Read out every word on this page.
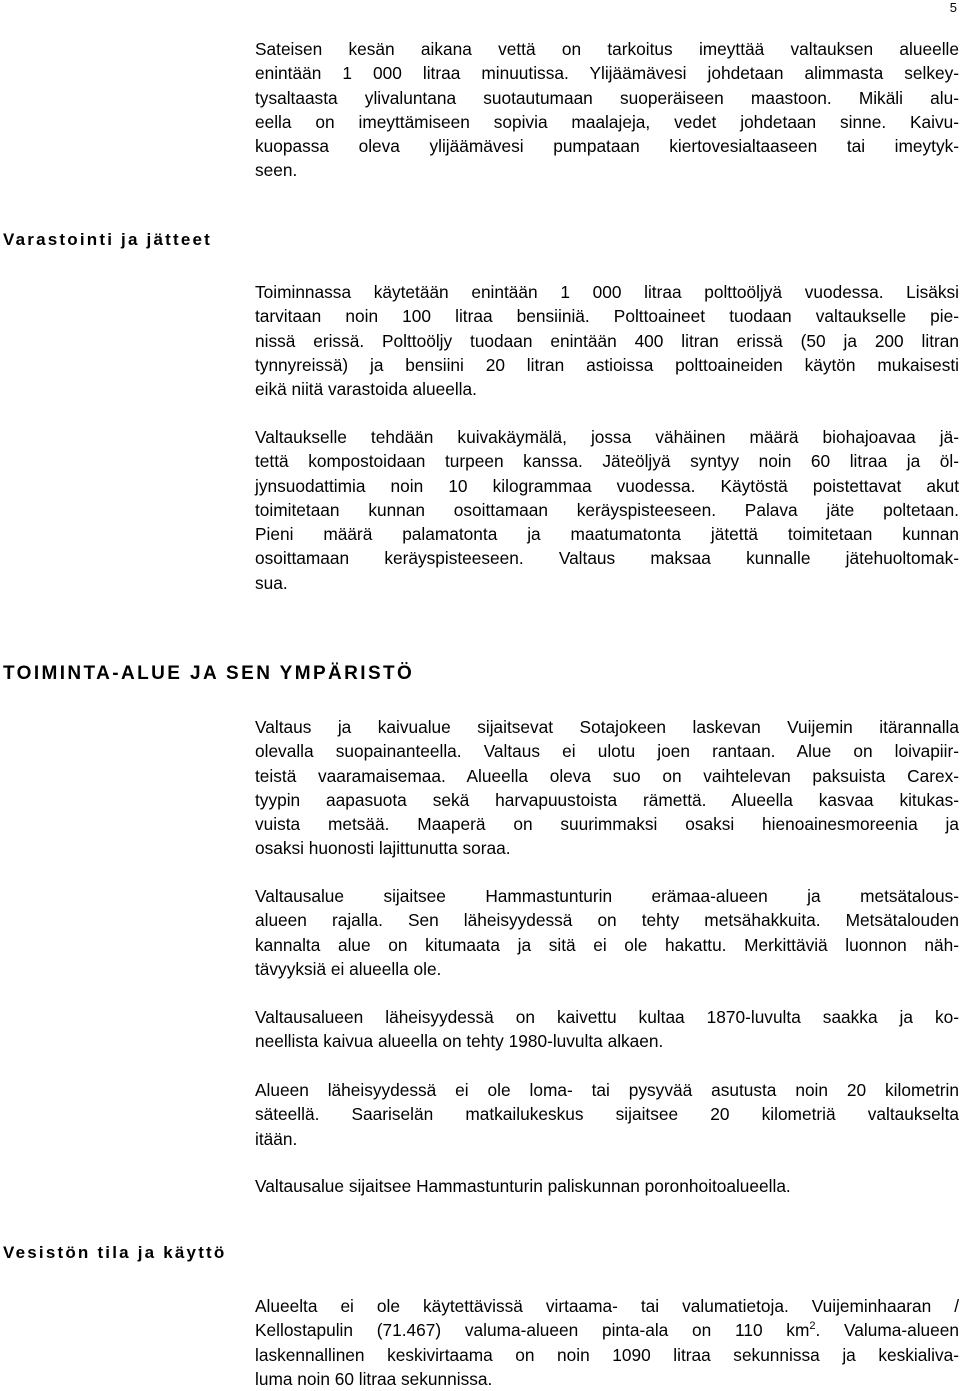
5

Sateisen kesän aikana vettä on tarkoitus imeyttää valtauksen alueelle
enintään 1 000 litraa minuutissa. Ylijäämävesi johdetaan alimmasta selkey-
tysaltaasta ylivaluntana suotautumaan suoperäiseen maastoon. Mikäli alu-
eella on imeyttämiseen sopivia maalajeja, vedet johdetaan sinne. Kaivu-
kuopassa oleva ylijäämävesi pumpataan kiertovesialtaaseen tai imeytyk-
seen.

Varastointi ja jätteet

Toiminnassa käytetään enintään 1 000 litraa polttoöljyä vuodessa. Lisäksi
tarvitaan noin 100 litraa bensiiniä. Polttoaineet tuodaan valtaukselle pie-
nissä erissä. Polttoöljy tuodaan enintään 400 litran erissä (50 ja 200 litran
tynnyreissä) ja bensiini 20 litran astioissa polttoaineiden käytön mukaisesti
eikä niitä varastoida alueella.

Valtaukselle tehdään kuivakäymälä, jossa vähäinen määrä biohajoavaa jä-
tettä kompostoidaan turpeen kanssa. Jäteöljyä syntyy noin 60 litraa ja öl-
jynsuodattimia noin 10 kilogrammaa vuodessa. Käytöstä poistettavat akut
toimitetaan kunnan osoittamaan keräyspisteeseen. Palava jäte poltetaan.
Pieni määrä palamatonta ja maatumatonta jätettä toimitetaan kunnan
osoittamaan keräyspisteeseen. Valtaus maksaa kunnalle jätehuoltomak-
sua.

TOIMINTA-ALUE JA SEN YMPÄRISTÖ

Valtaus ja kaivualue sijaitsevat Sotajokeen laskevan Vuijemin itärannalla
olevalla suopainanteella. Valtaus ei ulotu joen rantaan. Alue on loivapiir-
teistä vaaramaisemaa. Alueella oleva suo on vaihtelevan paksuista Carex-
tyypin aapasuota sekä harvapuustoista rämettä. Alueella kasvaa kitukas-
vuista metsää. Maaperä on suurimmaksi osaksi hienoainesmoreenia ja
osaksi huonosti lajittunutta soraa.

Valtausalue sijaitsee Hammastunturin erämaa-alueen ja metsätalous-
alueen rajalla. Sen läheisyydessä on tehty metsähakkuita. Metsätalouden
kannalta alue on kitumaata ja sitä ei ole hakattu. Merkittäviä luonnon näh-
tävyyksiä ei alueella ole.

Valtausalueen läheisyydessä on kaivettu kultaa 1870-luvulta saakka ja ko-
neellista kaivua alueella on tehty 1980-luvulta alkaen.

Alueen läheisyydessä ei ole loma- tai pysyvää asutusta noin 20 kilometrin
säteellä. Saariselän matkailukeskus sijaitsee 20 kilometriä valtaukselta
itään.

Valtausalue sijaitsee Hammastunturin paliskunnan poronhoitoalueella.

Vesistön tila ja käyttö

Alueelta ei ole käytettävissä virtaama- tai valumatietoja. Vuijeminhaaran /
Kellostapulin (71.467) valuma-alueen pinta-ala on 110 $km^2$. Valuma-alueen
laskennallinen keskivirtaama on noin 1090 litraa sekunnissa ja keskialiva-
luma noin 60 litraa sekunnissa.
